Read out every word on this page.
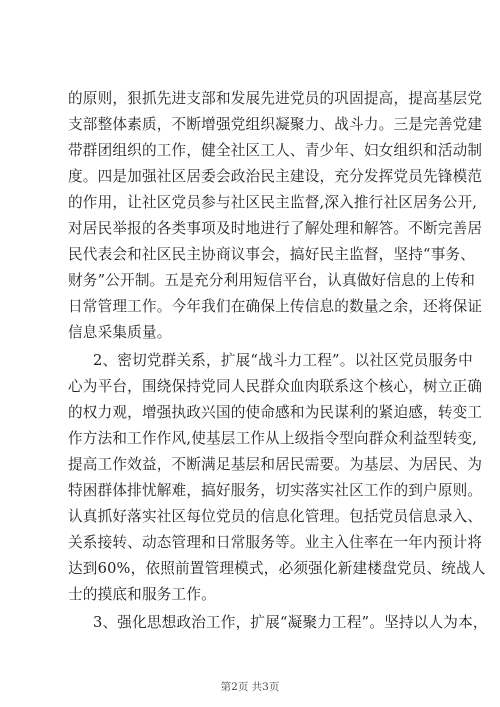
的原则，狠抓先进支部和发展先进党员的巩固提高，提高基层党
支部整体素质，不断增强党组织凝聚力、战斗力。三是完善党建
带群团组织的工作，健全社区工人、青少年、妇女组织和活动制
度。四是加强社区居委会政治民主建设，充分发挥党员先锋模范
的作用，让社区党员参与社区民主监督,深入推行社区居务公开,
对居民举报的各类事项及时地进行了解处理和解答。不断完善居
民代表会和社区民主协商议事会，搞好民主监督，坚持“事务、
财务”公开制。五是充分利用短信平台，认真做好信息的上传和
日常管理工作。今年我们在确保上传信息的数量之余，还将保证
信息采集质量。
2、密切党群关系，扩展“战斗力工程”。以社区党员服务中
心为平台，围绕保持党同人民群众血肉联系这个核心，树立正确
的权力观，增强执政兴国的使命感和为民谋利的紧迫感，转变工
作方法和工作作风,使基层工作从上级指令型向群众利益型转变,
提高工作效益，不断满足基层和居民需要。为基层、为居民、为
特困群体排忧解难，搞好服务，切实落实社区工作的到户原则。
认真抓好落实社区每位党员的信息化管理。包括党员信息录入、
关系接转、动态管理和日常服务等。业主入住率在一年内预计将
达到60%，依照前置管理模式，必须强化新建楼盘党员、统战人
士的摸底和服务工作。
3、强化思想政治工作，扩展“凝聚力工程”。坚持以人为本，
第2页 共3页
